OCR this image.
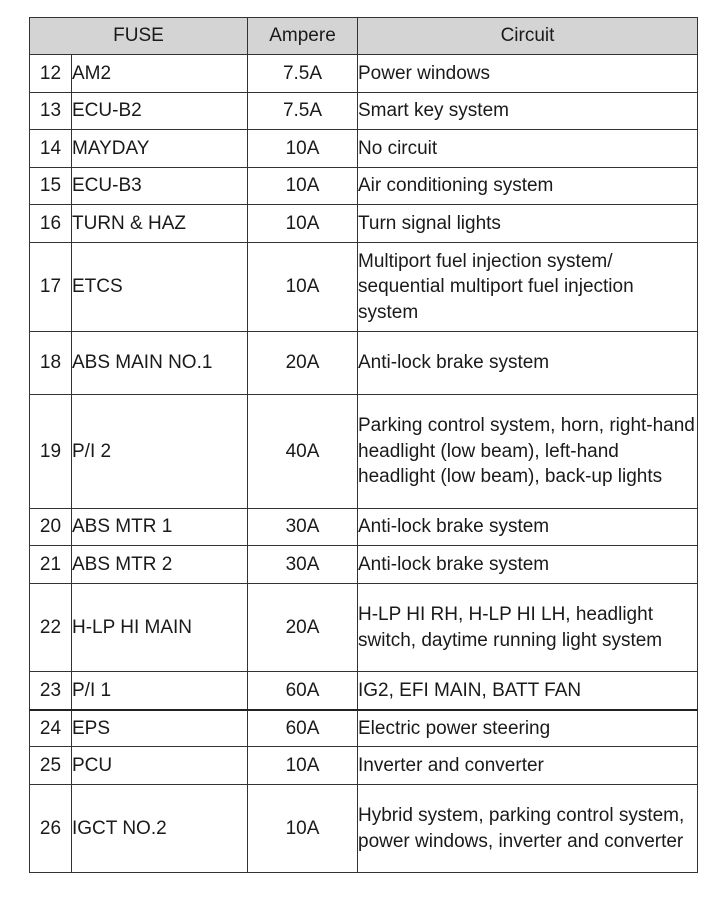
FUSE		Ampere	Circuit
12	AM2	7.5A	Power windows
13	ECU-B2	7.5A	Smart key system
14	MAYDAY	10A	No circuit
15	ECU-B3	10A	Air conditioning system
16	TURN & HAZ	10A	Turn signal lights
17	ETCS	10A	Multiport fuel injection system/ sequential multiport fuel injection system
18	ABS MAIN NO.1	20A	Anti-lock brake system
19	P/I 2	40A	Parking control system, horn, right-hand headlight (low beam), left-hand headlight (low beam), back-up lights
20	ABS MTR 1	30A	Anti-lock brake system
21	ABS MTR 2	30A	Anti-lock brake system
22	H-LP HI MAIN	20A	H-LP HI RH, H-LP HI LH, headlight switch, daytime running light system
23	P/I 1	60A	IG2, EFI MAIN, BATT FAN
24	EPS	60A	Electric power steering
25	PCU	10A	Inverter and converter
26	IGCT NO.2	10A	Hybrid system, parking control system, power windows, inverter and converter
